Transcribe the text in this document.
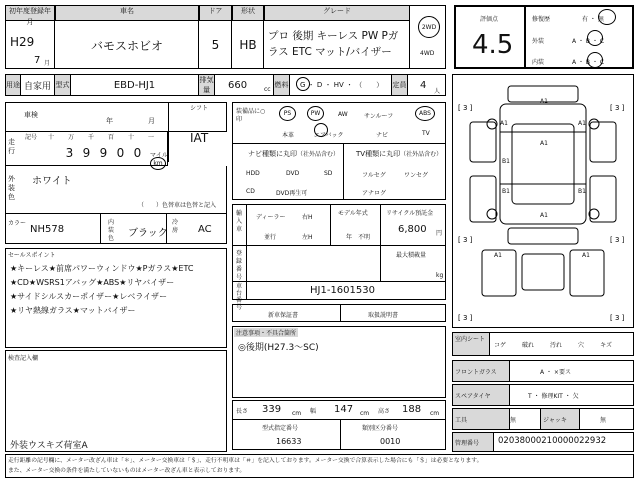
初年度登録年月
車名	ドア	形状	グレード
H29
7 月
バモスホビオ	5	HB
プロ 後期 キーレス PW Pガラス ETC マット/バイザー
2WD
4WD
用途 自家用 型式	EBD-HJ1	排気量	660	cc
燃料 G ・ D ・ HV ・ （　　） 定員 4
人
評価点
4.5
修復歴	有 ・ 無
外装	A ・ B ・ C
内装	A ・ B ・ C
車検
年	月
シフト
IAT
走行
記号	十	万	千	百	十	一
3 9 9 0 0	マイル
km
外装色
ホワイト
（　　）色替車は色替と記入
カラー
NH578
内装色 ブラック
冷房 AC
セールスポイント
★キーレス★前席パワーウィンドウ★Pガラス★ETC
★CD★WSRS1アバッグ★ABS★リヤバイザー
★サイドシルスカーポイザー★レベライザー
★リヤ熱線ガラス★マットバイザー
検査記入欄
外装ウスキズ荷室A
装備品に○印
PS	PW	AW	サンルーフ	ABS
本革	エアバック	ナビ	TV
ナビ種類に丸印（社外品含む）
HDD	DVD	SD
CD	DVD再生可
TV種類に丸印（社外品含む）
フルセグ	ワンセグ
アナログ
輸入車
ディーラー
並行
右H
左H
モデル年式
年　不明
リサイクル預託金
6,800 円
登録番号
最大積載量
kg
車台番号
HJ1-1601530
新車保証書	取扱説明書
注意事項・不具合箇所
◎後期(H27.3〜SC)
長さ 339 cm 幅 147 cm 高さ 188 cm
型式指定番号
16633
類別区分番号
0010
[ 3 ]	[ 3 ]
[ 3 ]	[ 3 ]
[ 3 ]	[ 3 ]
A1
A1	A1
A1
B1
B1	B1
A1
A1	A1
室内シート
コゲ	破れ	汚れ	穴	キズ
フロントガラス	A ・ ×要ス
スペアタイヤ	T ・ 修理KIT ・ 欠
工具	無	ジャッキ	無
管理番号	02038000210000022932
走行距離の記号欄に、メーター改ざん車は「＊」、メーター交換車は「＄」、走行不明車は「＃」を記入しております。メーター交換で合算表示した場合にも「＄」は必要となります。
また、メーター交換の条件を満たしていないものはメーター改ざん車と表示しております。
